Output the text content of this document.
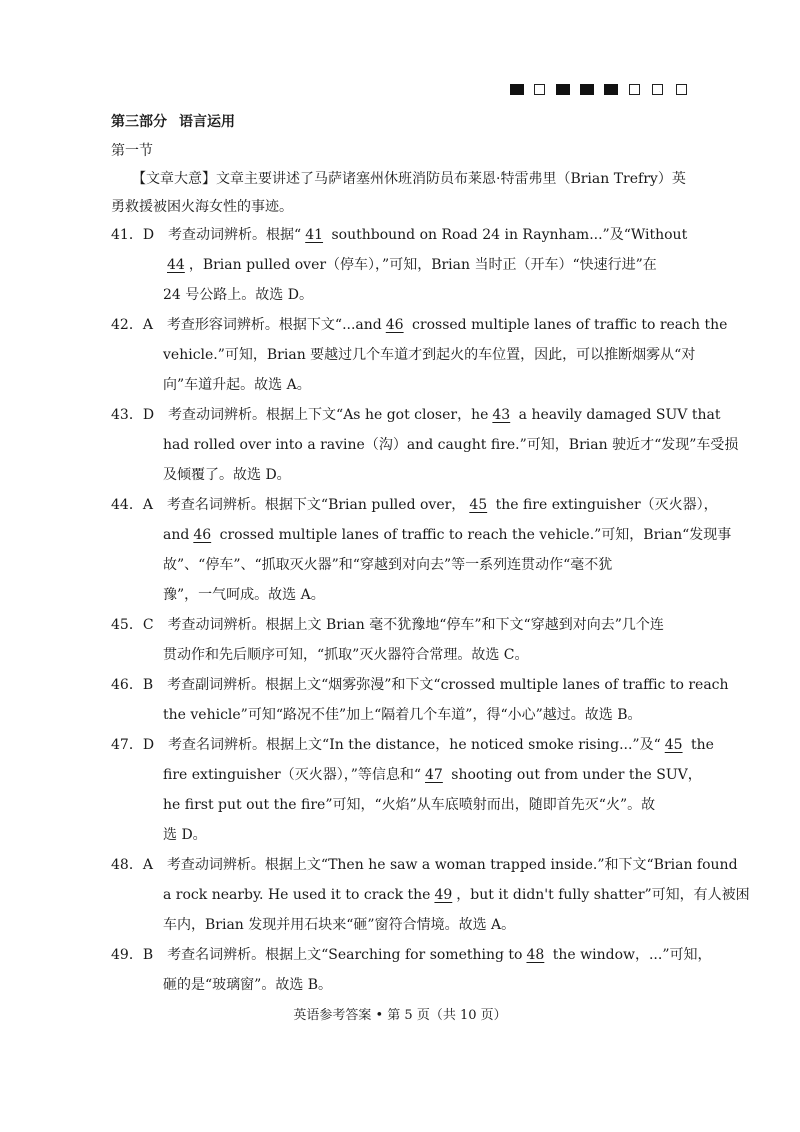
第三部分 语言运用
第一节
【文章大意】文章主要讲述了马萨诸塞州休班消防员布莱恩·特雷弗里（Brian Trefry）英
勇救援被困火海女性的事迹。
41．D　考查动词辨析。根据“ 41 southbound on Road 24 in Raynham...”及“Without
44 ，Brian pulled over（停车），”可知，Brian 当时正（开车）“快速行进”在
24 号公路上。故选 D。
42．A　考查形容词辨析。根据下文“...and 46 crossed multiple lanes of traffic to reach the
vehicle.”可知，Brian 要越过几个车道才到起火的车位置，因此，可以推断烟雾从“对
向”车道升起。故选 A。
43．D　考查动词辨析。根据上下文“As he got closer，he 43 a heavily damaged SUV that
had rolled over into a ravine（沟）and caught fire.”可知，Brian 驶近才“发现”车受损
及倾覆了。故选 D。
44．A　考查名词辨析。根据下文“Brian pulled over， 45 the fire extinguisher（灭火器），
and 46 crossed multiple lanes of traffic to reach the vehicle.”可知，Brian“发现事
故”、“停车”、“抓取灭火器”和“穿越到对向去”等一系列连贯动作“毫不犹
豫”，一气呵成。故选 A。
45．C　考查动词辨析。根据上文 Brian 毫不犹豫地“停车”和下文“穿越到对向去”几个连
贯动作和先后顺序可知，“抓取”灭火器符合常理。故选 C。
46．B　考查副词辨析。根据上文“烟雾弥漫”和下文“crossed multiple lanes of traffic to reach
the vehicle”可知“路况不佳”加上“隔着几个车道”，得“小心”越过。故选 B。
47．D　考查名词辨析。根据上文“In the distance，he noticed smoke rising...”及“ 45 the
fire extinguisher（灭火器），”等信息和“ 47 shooting out from under the SUV，
he first put out the fire”可知，“火焰”从车底喷射而出，随即首先灭“火”。故
选 D。
48．A　考查动词辨析。根据上文“Then he saw a woman trapped inside.”和下文“Brian found
a rock nearby. He used it to crack the 49 ，but it didn't fully shatter”可知，有人被困
车内，Brian 发现并用石块来“砸”窗符合情境。故选 A。
49．B　考查名词辨析。根据上文“Searching for something to 48 the window，...”可知，
砸的是“玻璃窗”。故选 B。
英语参考答案 • 第 5 页（共 10 页）
